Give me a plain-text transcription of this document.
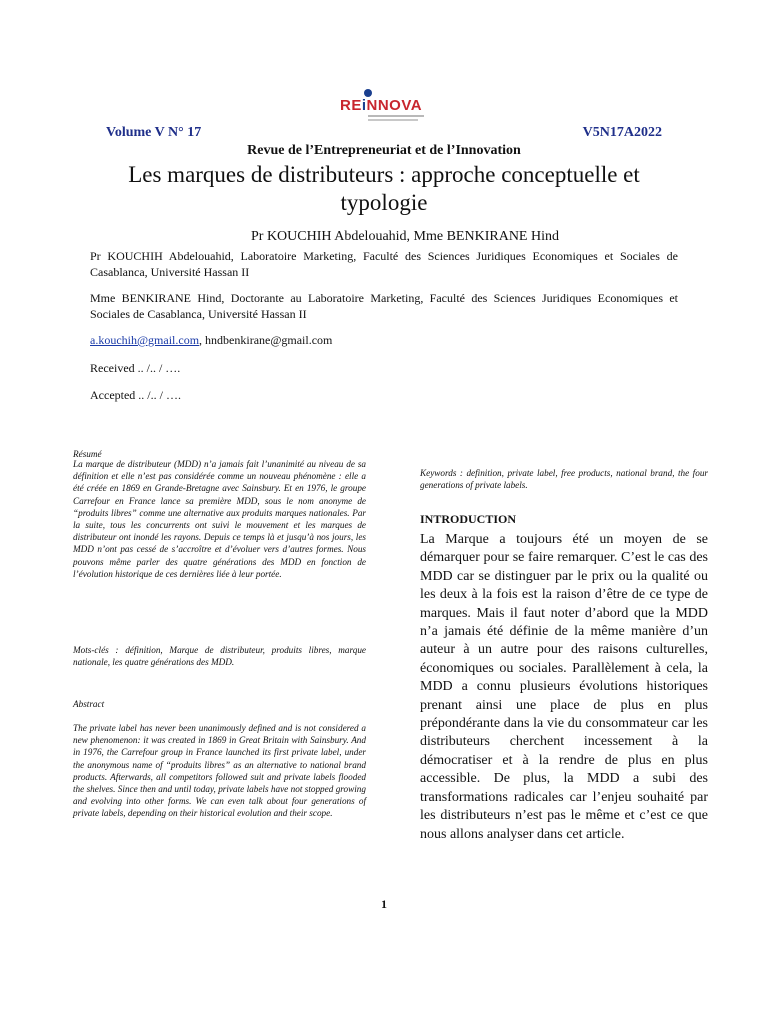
REiNNOVA
Volume V N° 17	V5N17A2022
Revue de l’Entrepreneuriat et de l’Innovation
Les marques de distributeurs : approche conceptuelle et typologie
Pr KOUCHIH Abdelouahid, Mme BENKIRANE Hind
Pr KOUCHIH Abdelouahid, Laboratoire Marketing, Faculté des Sciences Juridiques Economiques et Sociales de Casablanca, Université Hassan II
Mme BENKIRANE Hind, Doctorante au Laboratoire Marketing, Faculté des Sciences Juridiques Economiques et Sociales de Casablanca, Université Hassan II
a.kouchih@gmail.com, hndbenkirane@gmail.com
Received .. /.. / ….
Accepted .. /.. / ….
Résumé
La marque de distributeur (MDD) n’a jamais fait l’unanimité au niveau de sa définition et elle n’est pas considérée comme un nouveau phénomène : elle a été créée en 1869 en Grande-Bretagne avec Sainsbury. Et en 1976, le groupe Carrefour en France lance sa première MDD, sous le nom anonyme de “produits libres” comme une alternative aux produits marques nationales. Par la suite, tous les concurrents ont suivi le mouvement et les marques de distributeur ont inondé les rayons. Depuis ce temps là et jusqu’à nos jours, les MDD n’ont pas cessé de s’accroître et d’évoluer vers d’autres formes. Nous pouvons même parler des quatre générations des MDD en fonction de l’évolution historique de ces dernières liée à leur portée.
Mots-clés : définition, Marque de distributeur, produits libres, marque nationale, les quatre générations des MDD.
Abstract
The private label has never been unanimously defined and is not considered a new phenomenon: it was created in 1869 in Great Britain with Sainsbury. And in 1976, the Carrefour group in France launched its first private label, under the anonymous name of “produits libres” as an alternative to national brand products. Afterwards, all competitors followed suit and private labels flooded the shelves. Since then and until today, private labels have not stopped growing and evolving into other forms. We can even talk about four generations of private labels, depending on their historical evolution and their scope.
Keywords : definition, private label, free products, national brand, the four generations of private labels.
INTRODUCTION
La Marque a toujours été un moyen de se démarquer pour se faire remarquer. C’est le cas des MDD car se distinguer par le prix ou la qualité ou les deux à la fois est la raison d’être de ce type de marques. Mais il faut noter d’abord que la MDD n’a jamais été définie de la même manière d’un auteur à un autre pour des raisons culturelles, économiques ou sociales. Parallèlement à cela, la MDD a connu plusieurs évolutions historiques prenant ainsi une place de plus en plus prépondérante dans la vie du consommateur car les distributeurs cherchent incessement à la démocratiser et à la rendre de plus en plus accessible. De plus, la MDD a subi des transformations radicales car l’enjeu souhaité par les distributeurs n’est pas le même et c’est ce que nous allons analyser dans cet article.
1
